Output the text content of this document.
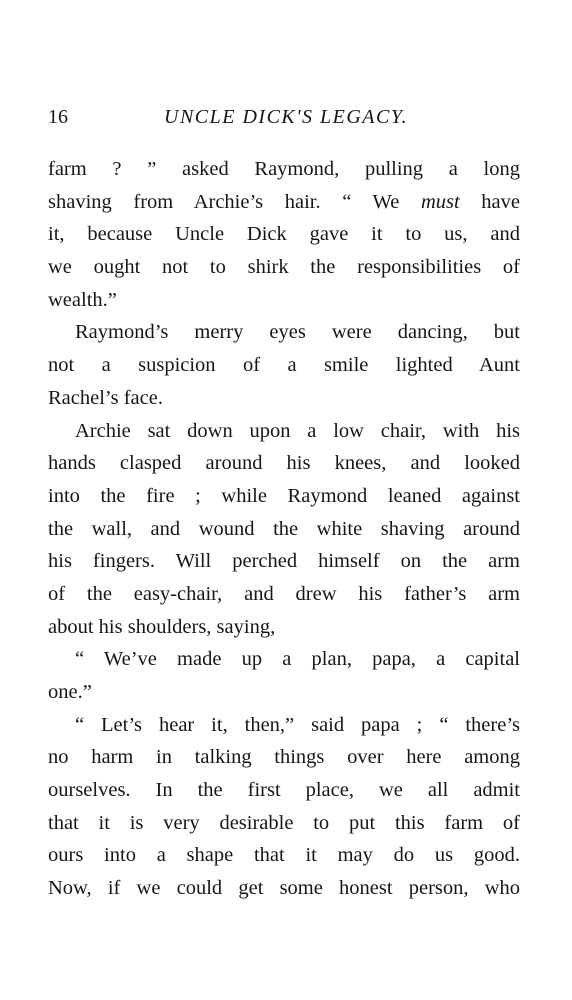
16	UNCLE DICK'S LEGACY.
farm ? ” asked Raymond, pulling a long
shaving from Archie’s hair. “ We must have
it, because Uncle Dick gave it to us, and
we ought not to shirk the responsibilities of
wealth.”
Raymond’s merry eyes were dancing, but
not a suspicion of a smile lighted Aunt
Rachel’s face.
Archie sat down upon a low chair, with his
hands clasped around his knees, and looked
into the fire ; while Raymond leaned against
the wall, and wound the white shaving around
his fingers. Will perched himself on the arm
of the easy-chair, and drew his father’s arm
about his shoulders, saying,
“ We’ve made up a plan, papa, a capital
one.”
“ Let’s hear it, then,” said papa ; “ there’s
no harm in talking things over here among
ourselves. In the first place, we all admit
that it is very desirable to put this farm of
ours into a shape that it may do us good.
Now, if we could get some honest person, who
